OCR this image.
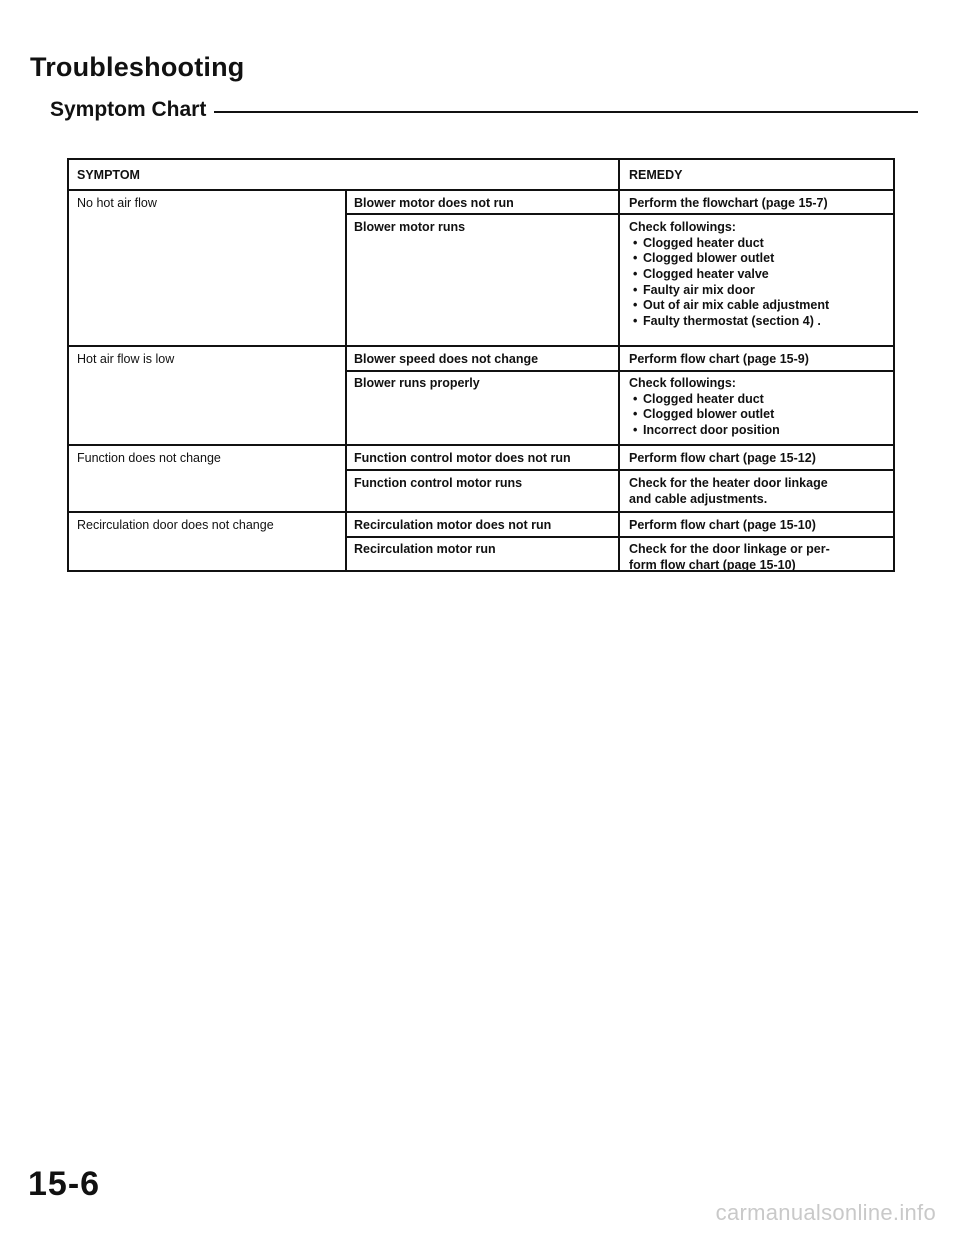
Troubleshooting
Symptom Chart
SYMPTOM	REMEDY
No hot air flow	Blower motor does not run	Perform the flowchart (page 15-7)
Blower motor runs	Check followings:
• Clogged heater duct
• Clogged blower outlet
• Clogged heater valve
• Faulty air mix door
• Out of air mix cable adjustment
• Faulty thermostat (section 4) .
Hot air flow is low	Blower speed does not change	Perform flow chart (page 15-9)
Blower runs properly	Check followings:
• Clogged heater duct
• Clogged blower outlet
• Incorrect door position
Function does not change	Function control motor does not run	Perform flow chart (page 15-12)
Function control motor runs	Check for the heater door linkage
and cable adjustments.
Recirculation door does not change	Recirculation motor does not run	Perform flow chart (page 15-10)
Recirculation motor run	Check for the door linkage or per-
form flow chart (page 15-10)
15-6
carmanualsonline.info
